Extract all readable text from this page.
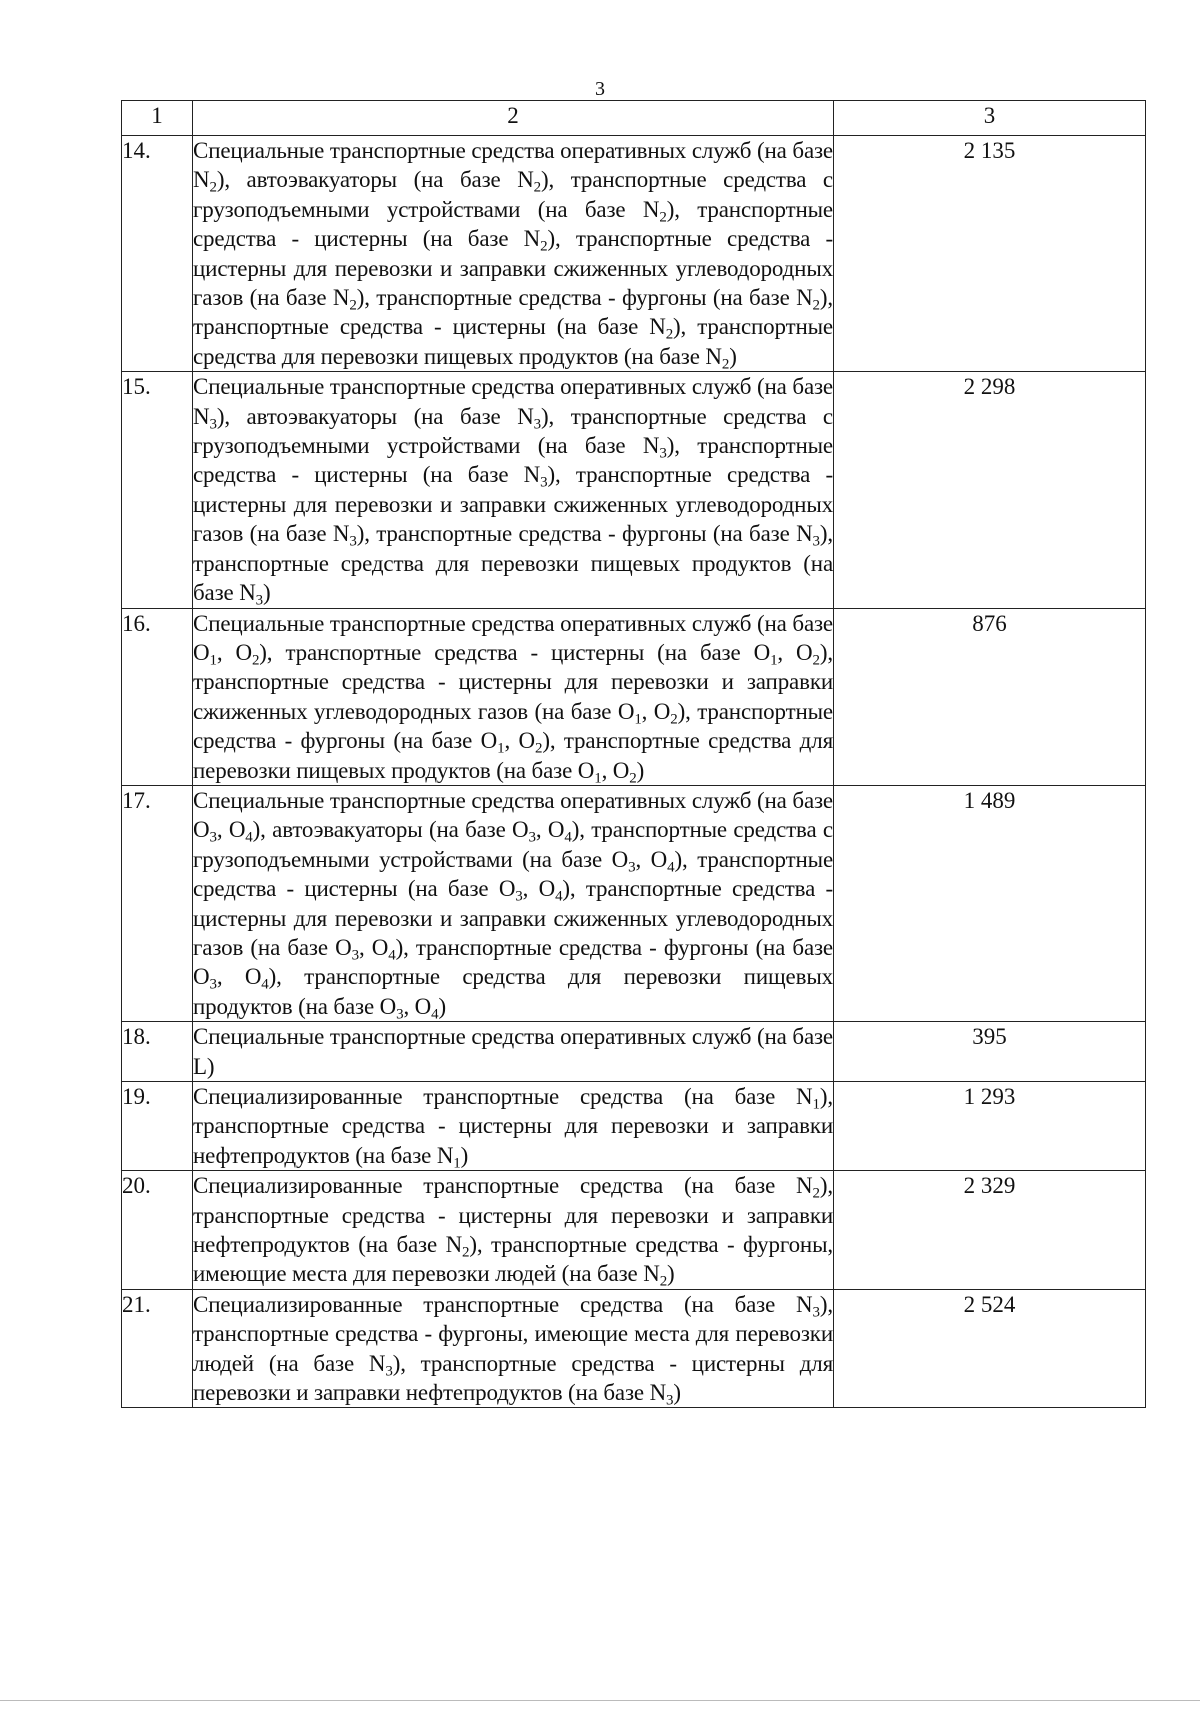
3
1	2	3
14.	Специальные транспортные средства оперативных служб (на базе $N_2$), автоэвакуаторы (на базе $N_2$), транспортные средства с грузоподъемными устройствами (на базе $N_2$), транспортные средства - цистерны (на базе $N_2$), транспортные средства - цистерны для перевозки и заправки сжиженных углеводородных газов (на базе $N_2$), транспортные средства - фургоны (на базе $N_2$), транспортные средства - цистерны (на базе $N_2$), транспортные средства для перевозки пищевых продуктов (на базе $N_2$)	2 135
15.	Специальные транспортные средства оперативных служб (на базе $N_3$), автоэвакуаторы (на базе $N_3$), транспортные средства с грузоподъемными устройствами (на базе $N_3$), транспортные средства - цистерны (на базе $N_3$), транспортные средства - цистерны для перевозки и заправки сжиженных углеводородных газов (на базе $N_3$), транспортные средства - фургоны (на базе $N_3$), транспортные средства для перевозки пищевых продуктов (на базе $N_3$)	2 298
16.	Специальные транспортные средства оперативных служб (на базе $O_1$, $O_2$), транспортные средства - цистерны (на базе $O_1$, $O_2$), транспортные средства - цистерны для перевозки и заправки сжиженных углеводородных газов (на базе $O_1$, $O_2$), транспортные средства - фургоны (на базе $O_1$, $O_2$), транспортные средства для перевозки пищевых продуктов (на базе $O_1$, $O_2$)	876
17.	Специальные транспортные средства оперативных служб (на базе $O_3$, $O_4$), автоэвакуаторы (на базе $O_3$, $O_4$), транспортные средства с грузоподъемными устройствами (на базе $O_3$, $O_4$), транспортные средства - цистерны (на базе $O_3$, $O_4$), транспортные средства - цистерны для перевозки и заправки сжиженных углеводородных газов (на базе $O_3$, $O_4$), транспортные средства - фургоны (на базе $O_3$, $O_4$), транспортные средства для перевозки пищевых продуктов (на базе $O_3$, $O_4$)	1 489
18.	Специальные транспортные средства оперативных служб (на базе L)	395
19.	Специализированные транспортные средства (на базе $N_1$), транспортные средства - цистерны для перевозки и заправки нефтепродуктов (на базе $N_1$)	1 293
20.	Специализированные транспортные средства (на базе $N_2$), транспортные средства - цистерны для перевозки и заправки нефтепродуктов (на базе $N_2$), транспортные средства - фургоны, имеющие места для перевозки людей (на базе $N_2$)	2 329
21.	Специализированные транспортные средства (на базе $N_3$), транспортные средства - фургоны, имеющие места для перевозки людей (на базе $N_3$), транспортные средства - цистерны для перевозки и заправки нефтепродуктов (на базе $N_3$)	2 524
